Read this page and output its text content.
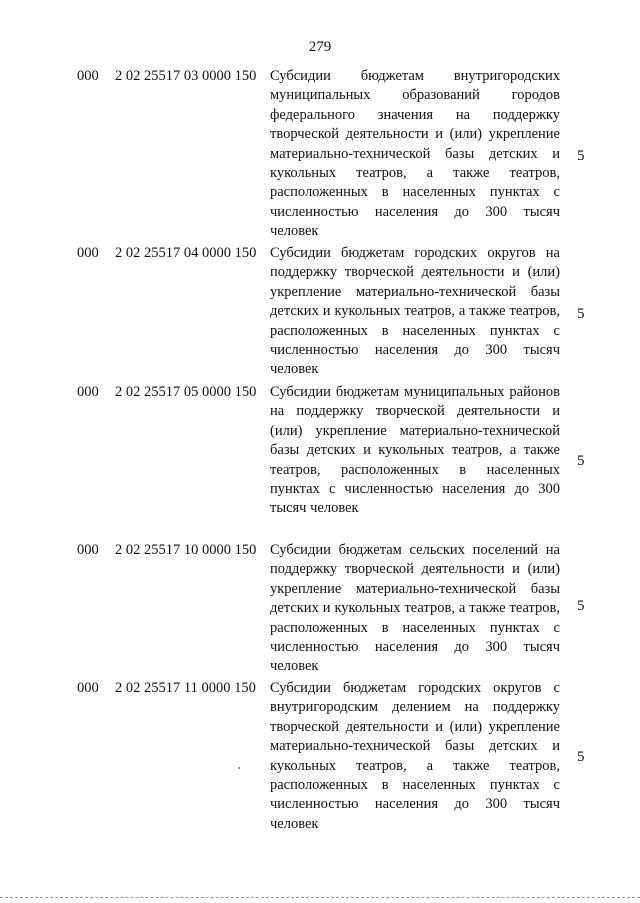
279
000 2 02 25517 03 0000 150 Субсидии бюджетам внутригородских муниципальных образований городов федерального значения на поддержку творческой деятельности и (или) укрепление материально-технической базы детских и кукольных театров, а также театров, расположенных в населенных пунктах с численностью населения до 300 тысяч человек
5
000 2 02 25517 04 0000 150 Субсидии бюджетам городских округов на поддержку творческой деятельности и (или) укрепление материально-технической базы детских и кукольных театров, а также театров, расположенных в населенных пунктах с численностью населения до 300 тысяч человек
5
000 2 02 25517 05 0000 150 Субсидии бюджетам муниципальных районов на поддержку творческой деятельности и (или) укрепление материально-технической базы детских и кукольных театров, а также театров, расположенных в населенных пунктах с численностью населения до 300 тысяч человек
5
000 2 02 25517 10 0000 150 Субсидии бюджетам сельских поселений на поддержку творческой деятельности и (или) укрепление материально-технической базы детских и кукольных театров, а также театров, расположенных в населенных пунктах с численностью населения до 300 тысяч человек
5
000 2 02 25517 11 0000 150 Субсидии бюджетам городских округов с внутригородским делением на поддержку творческой деятельности и (или) укрепление материально-технической базы детских и кукольных театров, а также театров, расположенных в населенных пунктах с численностью населения до 300 тысяч человек
5
